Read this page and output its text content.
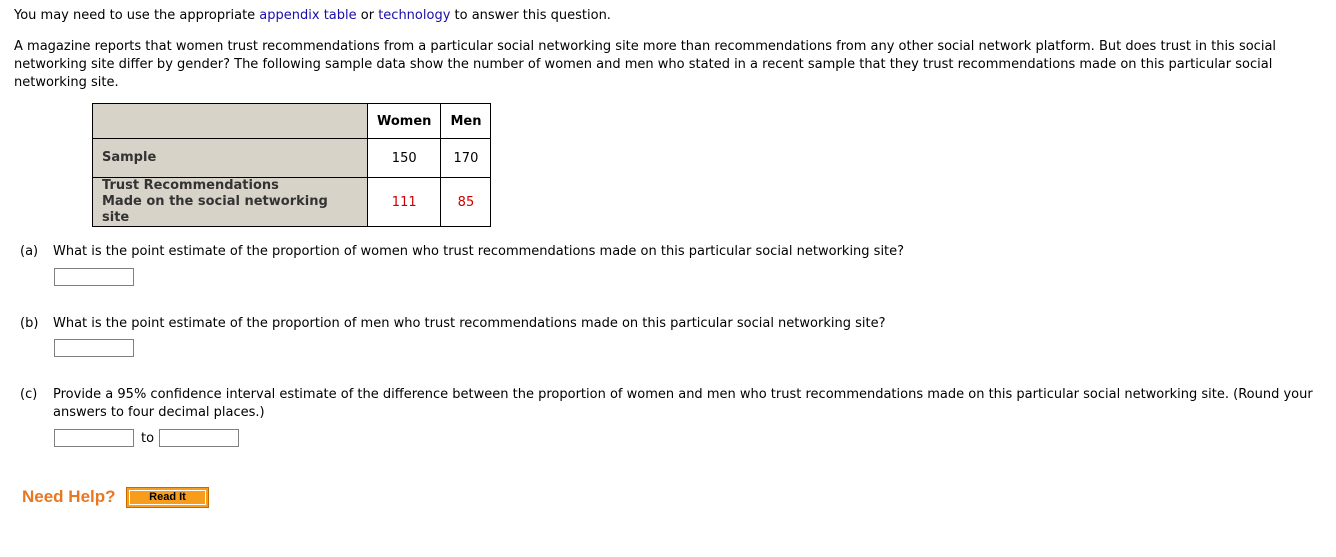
You may need to use the appropriate appendix table or technology to answer this question.
A magazine reports that women trust recommendations from a particular social networking site more than recommendations from any other social network platform. But does trust in this social networking site differ by gender? The following sample data show the number of women and men who stated in a recent sample that they trust recommendations made on this particular social networking site.
	Women	Men

Sample	150	170

Trust Recommendations
Made on the social networking site	111	85
(a) What is the point estimate of the proportion of women who trust recommendations made on this particular social networking site?
(b) What is the point estimate of the proportion of men who trust recommendations made on this particular social networking site?
(c) Provide a 95% confidence interval estimate of the difference between the proportion of women and men who trust recommendations made on this particular social networking site. (Round your answers to four decimal places.)
to
Need Help?	Read It
